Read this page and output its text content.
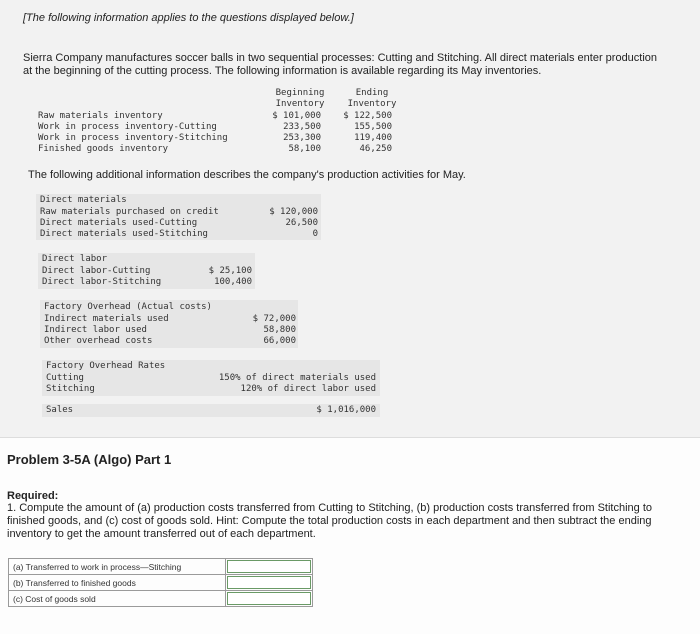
[The following information applies to the questions displayed below.]
Sierra Company manufactures soccer balls in two sequential processes: Cutting and Stitching. All direct materials enter production at the beginning of the cutting process. The following information is available regarding its May inventories.
Beginning
Inventory
Ending
Inventory
Raw materials inventory	$ 101,000	$ 122,500
Work in process inventory-Cutting	233,500	155,500
Work in process inventory-Stitching	253,300	119,400
Finished goods inventory	58,100	46,250
The following additional information describes the company's production activities for May.
Direct materials
Raw materials purchased on credit	$ 120,000
Direct materials used-Cutting	26,500
Direct materials used-Stitching	0
Direct labor
Direct labor-Cutting	$ 25,100
Direct labor-Stitching	100,400
Factory Overhead (Actual costs)
Indirect materials used	$ 72,000
Indirect labor used	58,800
Other overhead costs	66,000
Factory Overhead Rates
Cutting	150% of direct materials used
Stitching	120% of direct labor used
Sales	$ 1,016,000
Problem 3-5A (Algo) Part 1
Required:
1. Compute the amount of (a) production costs transferred from Cutting to Stitching, (b) production costs transferred from Stitching to finished goods, and (c) cost of goods sold. Hint: Compute the total production costs in each department and then subtract the ending inventory to get the amount transferred out of each department.
(a) Transferred to work in process—Stitching	

(b) Transferred to finished goods	

(c) Cost of goods sold	
